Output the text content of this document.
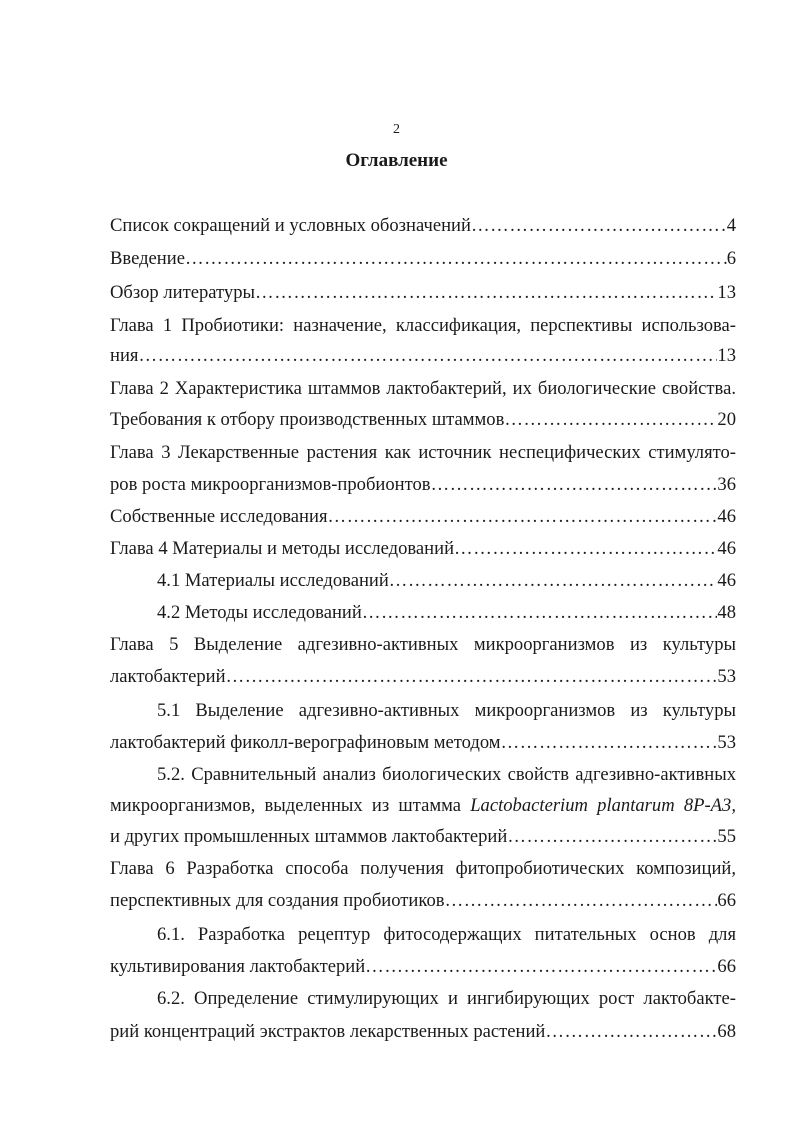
2
Оглавление
Список сокращений и условных обозначений …………………………………………………………………………………………………………………	4
Введение …………………………………………………………………………………………………………………	6
Обзор литературы …………………………………………………………………………………………………………………	13
Глава 1 Пробиотики: назначение, классификация, перспективы использова-
ния …………………………………………………………………………………………………………………	13
Глава 2 Характеристика штаммов лактобактерий, их биологические свойства.
Требования к отбору производственных штаммов …………………………………………………………………………………………………………………	20
Глава 3 Лекарственные растения как источник неспецифических стимулято-
ров роста микроорганизмов-пробионтов …………………………………………………………………………………………………………………	36
Собственные исследования …………………………………………………………………………………………………………………	46
Глава 4 Материалы и методы исследований …………………………………………………………………………………………………………………	46
4.1 Материалы исследований …………………………………………………………………………………………………………………	46
4.2 Методы исследований …………………………………………………………………………………………………………………	48
Глава 5 Выделение адгезивно-активных микроорганизмов из культуры
лактобактерий …………………………………………………………………………………………………………………	53
5.1 Выделение адгезивно-активных микроорганизмов из культуры
лактобактерий фиколл-верографиновым методом …………………………………………………………………………………………………………………	53
5.2. Сравнительный анализ биологических свойств адгезивно-активных
микроорганизмов, выделенных из штамма Lactobacterium plantarum 8P-A3,
и других промышленных штаммов лактобактерий …………………………………………………………………………………………………………………	55
Глава 6 Разработка способа получения фитопробиотических композиций,
перспективных для создания пробиотиков …………………………………………………………………………………………………………………	66
6.1. Разработка рецептур фитосодержащих питательных основ для
культивирования лактобактерий …………………………………………………………………………………………………………………	66
6.2. Определение стимулирующих и ингибирующих рост лактобакте-
рий концентраций экстрактов лекарственных растений …………………………………………………………………………………………………………………	68
